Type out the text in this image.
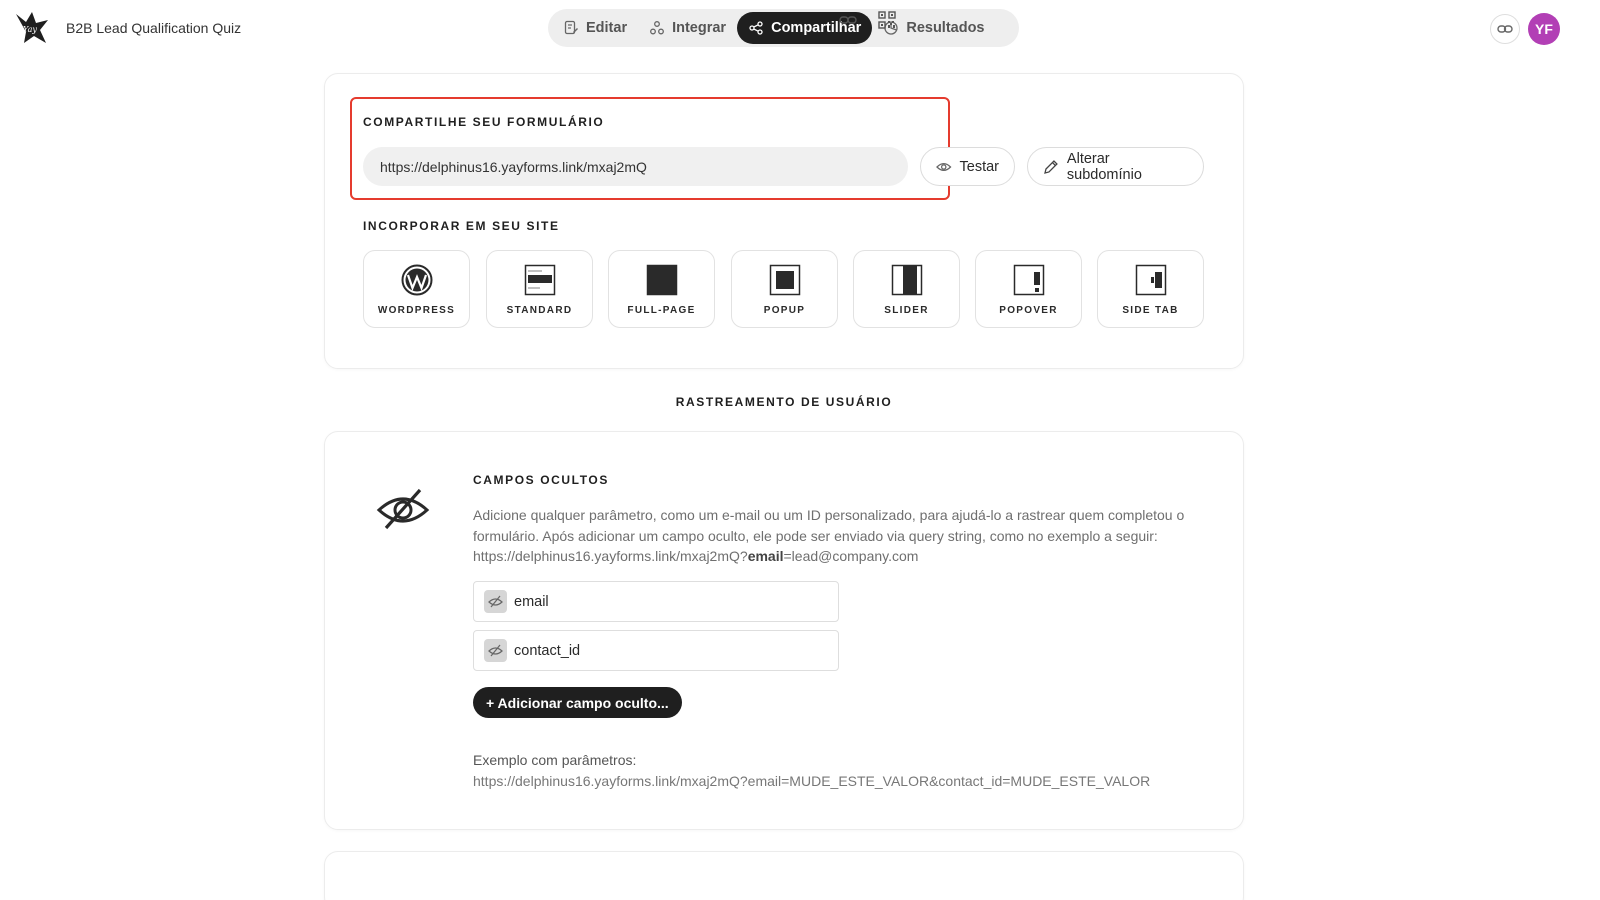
Yay B2B Lead Qualification Quiz	Editar	Integrar	Compartilhar	Resultados	YF
COMPARTILHE SEU FORMULÁRIO
https://delphinus16.yayforms.link/mxaj2mQ	Testar	Alterar subdomínio
INCORPORAR EM SEU SITE
WORDPRESS	STANDARD	FULL-PAGE	POPUP	SLIDER	POPOVER	SIDE TAB
RASTREAMENTO DE USUÁRIO
CAMPOS OCULTOS
Adicione qualquer parâmetro, como um e-mail ou um ID personalizado, para ajudá-lo a rastrear quem completou o
formulário. Após adicionar um campo oculto, ele pode ser enviado via query string, como no exemplo a seguir:
https://delphinus16.yayforms.link/mxaj2mQ?email=lead@company.com
email
contact_id
+ Adicionar campo oculto...
Exemplo com parâmetros:
https://delphinus16.yayforms.link/mxaj2mQ?email=MUDE_ESTE_VALOR&contact_id=MUDE_ESTE_VALOR
